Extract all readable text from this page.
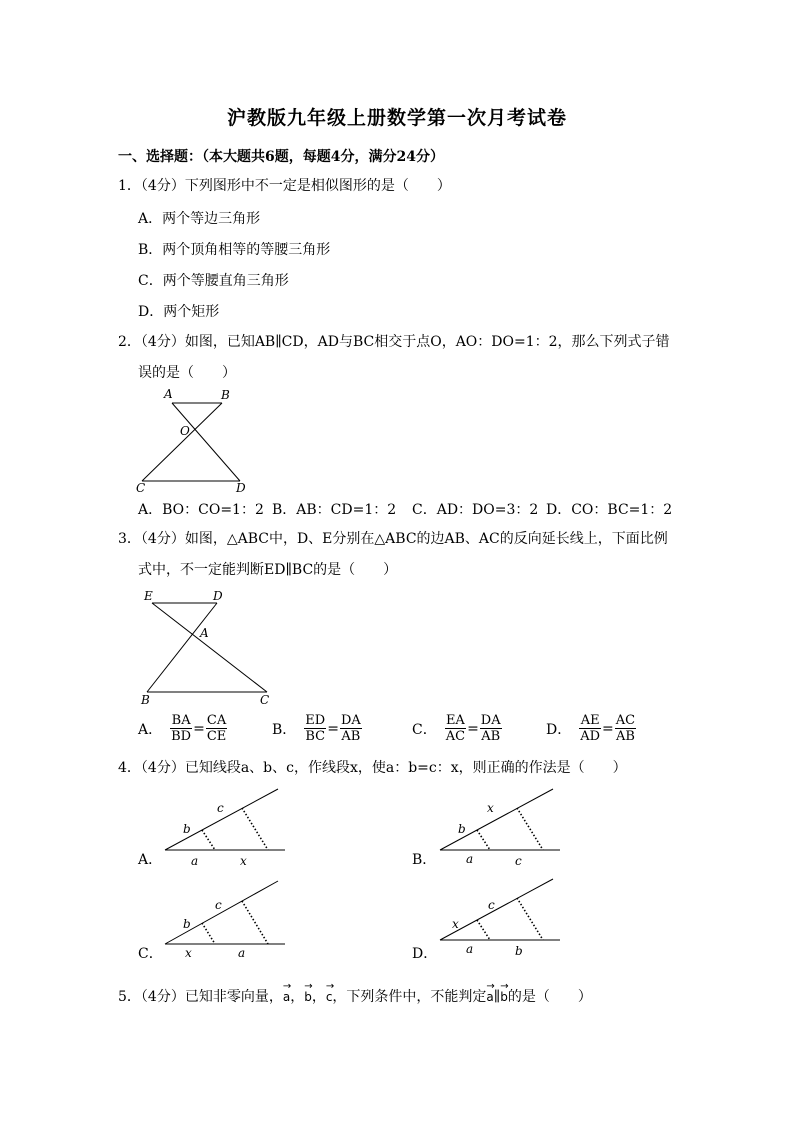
沪教版九年级上册数学第一次月考试卷
一、选择题：（本大题共6题，每题4分，满分24分）
1．（4分）下列图形中不一定是相似图形的是（　　）
A．两个等边三角形
B．两个顶角相等的等腰三角形
C．两个等腰直角三角形
D．两个矩形
2．（4分）如图，已知AB∥CD，AD与BC相交于点O，AO：DO=1：2，那么下列式子错
误的是（　　）
A	B
O
C	D
A．BO：CO=1：2 B．AB：CD=1：2 C．AD：DO=3：2 D．CO：BC=1：2
3．（4分）如图，△ABC中，D、E分别在△ABC的边AB、AC的反向延长线上，下面比例
式中，不一定能判断ED∥BC的是（　　）
E	D
A
B	C
A． $\frac{BA}{BD} = \frac{CA}{CE}$	B． $\frac{ED}{BC} = \frac{DA}{AB}$	C． $\frac{EA}{AC} = \frac{DA}{AB}$	D． $\frac{AE}{AD} = \frac{AC}{AB}$
4．（4分）已知线段a、b、c，作线段x，使a：b=c：x，则正确的作法是（　　）
A．
b
c
a	x	B．
b
x
a	c
C．
b
c
x	a	D．
x
c
a	b
5．（4分）已知非零向量，
→
a，
→
b，
→
c，下列条件中，不能判定
→
a∥
→
b的是（　　）
